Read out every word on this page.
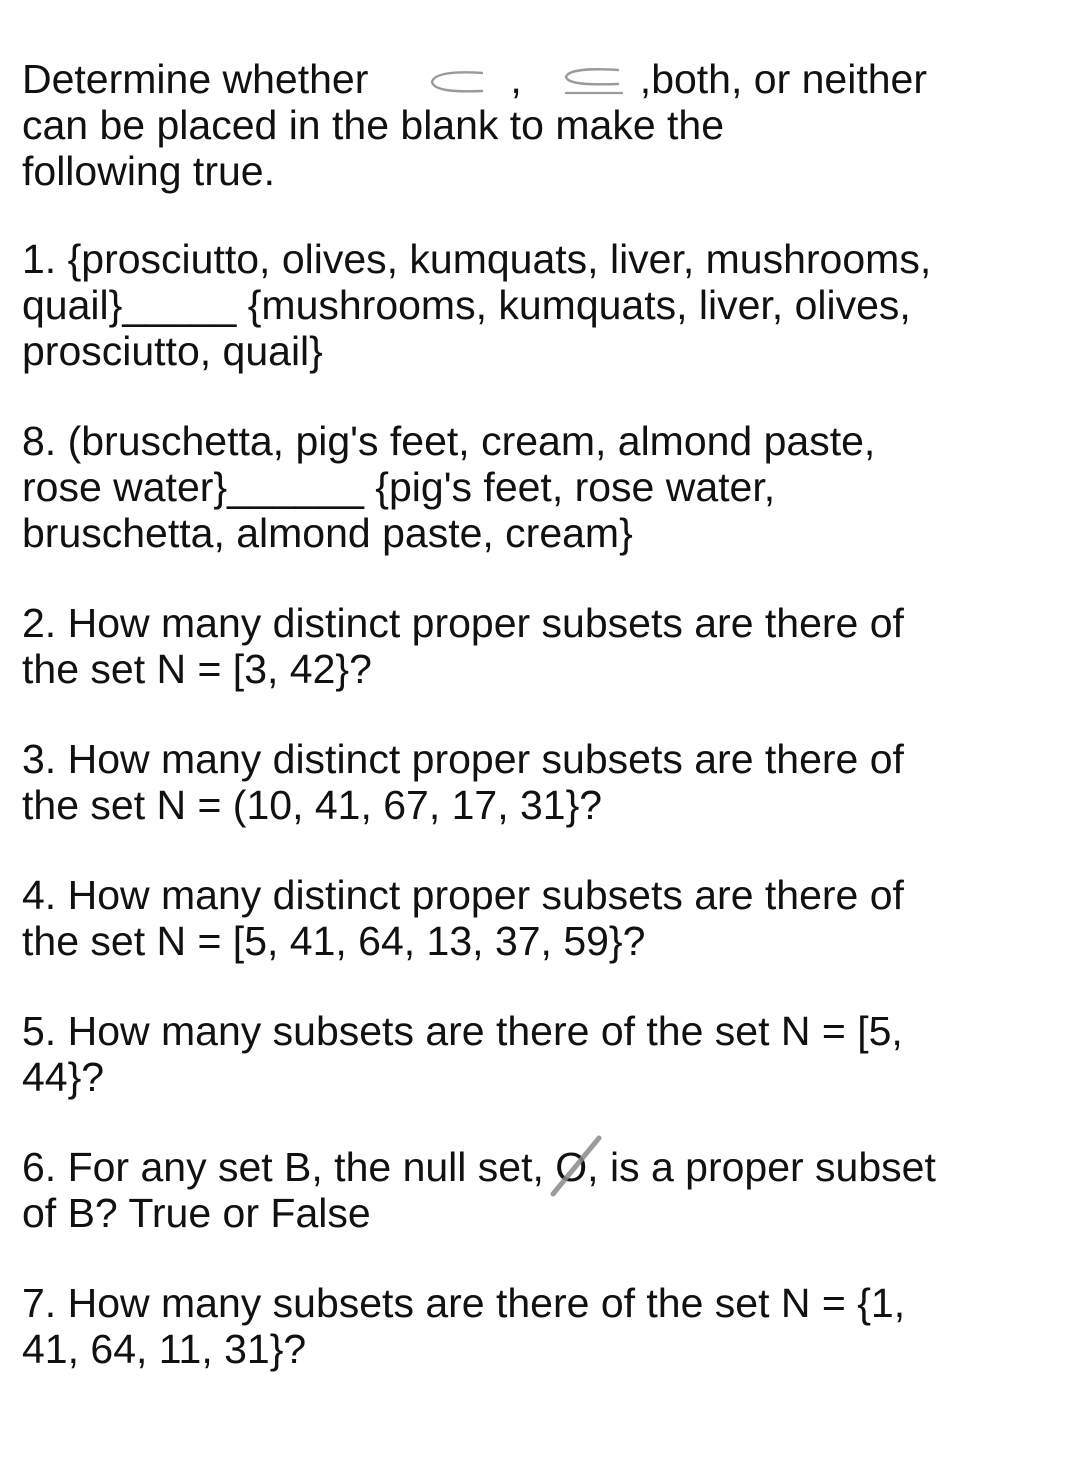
Determine whether	,	,both, or neither

can be placed in the blank to make the

following true.

1. {prosciutto, olives, kumquats, liver, mushrooms,

quail}_____ {mushrooms, kumquats, liver, olives,

prosciutto, quail}

8. (bruschetta, pig's feet, cream, almond paste,

rose water}______ {pig's feet, rose water,

bruschetta, almond paste, cream}

2. How many distinct proper subsets are there of

the set N = [3, 42}?

3. How many distinct proper subsets are there of

the set N = (10, 41, 67, 17, 31}?

4. How many distinct proper subsets are there of

the set N = [5, 41, 64, 13, 37, 59}?

5. How many subsets are there of the set N = [5,

44}?

6. For any set B, the null set, O
, is a proper subset

of B? True or False

7. How many subsets are there of the set N = {1,

41, 64, 11, 31}?
